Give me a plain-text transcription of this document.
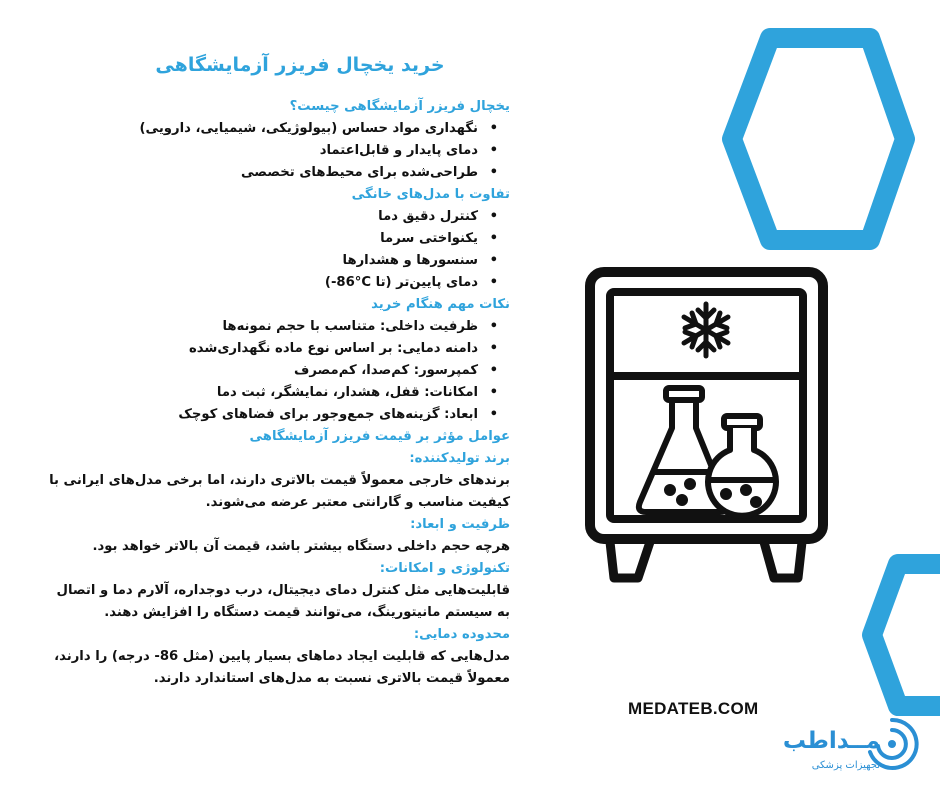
خرید یخچال فریزر آزمایشگاهی

یخچال فریزر آزمایشگاهی چیست؟

• نگهداری مواد حساس (بیولوژیکی، شیمیایی، دارویی)
• دمای پایدار و قابل‌اعتماد
• طراحی‌شده برای محیط‌های تخصصی

تفاوت با مدل‌های خانگی

• کنترل دقیق دما
• یکنواختی سرما
• سنسورها و هشدارها
• دمای پایین‌تر (تا ‎-86°C)

نکات مهم هنگام خرید

• ظرفیت داخلی: متناسب با حجم نمونه‌ها
• دامنه دمایی: بر اساس نوع ماده نگهداری‌شده
• کمپرسور: کم‌صدا، کم‌مصرف
• امکانات: قفل، هشدار، نمایشگر، ثبت دما
• ابعاد: گزینه‌های جمع‌وجور برای فضاهای کوچک

عوامل مؤثر بر قیمت فریزر آزمایشگاهی

برند تولیدکننده:

برندهای خارجی معمولاً قیمت بالاتری دارند، اما برخی مدل‌های ایرانی با کیفیت مناسب و گارانتی معتبر عرضه می‌شوند.

ظرفیت و ابعاد:

هرچه حجم داخلی دستگاه بیشتر باشد، قیمت آن بالاتر خواهد بود.

تکنولوژی و امکانات:

قابلیت‌هایی مثل کنترل دمای دیجیتال، درب دوجداره، آلارم دما و اتصال به سیستم مانیتورینگ، می‌توانند قیمت دستگاه را افزایش دهند.

محدوده دمایی:

مدل‌هایی که قابلیت ایجاد دماهای بسیار پایین (مثل ‎-86 درجه) را دارند، معمولاً قیمت بالاتری نسبت به مدل‌های استاندارد دارند.

MEDATEB.COM
مــداطب
تجهیزات پزشکی
